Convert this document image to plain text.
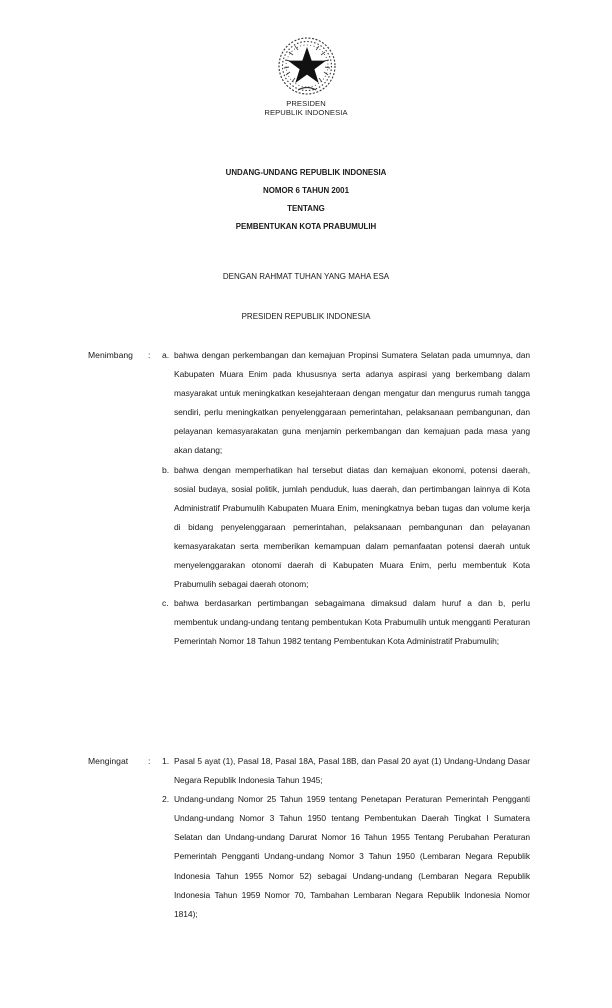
PRESIDEN
REPUBLIK INDONESIA
UNDANG-UNDANG REPUBLIK INDONESIA
NOMOR 6 TAHUN 2001
TENTANG
PEMBENTUKAN KOTA PRABUMULIH
DENGAN RAHMAT TUHAN YANG MAHA ESA
PRESIDEN REPUBLIK INDONESIA
Menimbang : a. bahwa dengan perkembangan dan kemajuan Propinsi Sumatera Selatan pada umumnya, dan Kabupaten Muara Enim pada khususnya serta adanya aspirasi yang berkembang dalam masyarakat untuk meningkatkan kesejahteraan dengan mengatur dan mengurus rumah tangga sendiri, perlu meningkatkan penyelenggaraan pemerintahan, pelaksanaan pembangunan, dan pelayanan kemasyarakatan guna menjamin perkembangan dan kemajuan pada masa yang akan datang;
b. bahwa dengan memperhatikan hal tersebut diatas dan kemajuan ekonomi, potensi daerah, sosial budaya, sosial politik, jumlah penduduk, luas daerah, dan pertimbangan lainnya di Kota Administratif Prabumulih Kabupaten Muara Enim, meningkatnya beban tugas dan volume kerja di bidang penyelenggaraan pemerintahan, pelaksanaan pembangunan dan pelayanan kemasyarakatan serta memberikan kemampuan dalam pemanfaatan potensi daerah untuk menyelenggarakan otonomi daerah di Kabupaten Muara Enim, perlu membentuk Kota Prabumulih sebagai daerah otonom;
c. bahwa berdasarkan pertimbangan sebagaimana dimaksud dalam huruf a dan b, perlu membentuk undang-undang tentang pembentukan Kota Prabumulih untuk mengganti Peraturan Pemerintah Nomor 18 Tahun 1982 tentang Pembentukan Kota Administratif Prabumulih;
Mengingat : 1. Pasal 5 ayat (1), Pasal 18, Pasal 18A, Pasal 18B, dan Pasal 20 ayat (1) Undang-Undang Dasar Negara Republik Indonesia Tahun 1945;
2. Undang-undang Nomor 25 Tahun 1959 tentang Penetapan Peraturan Pemerintah Pengganti Undang-undang Nomor 3 Tahun 1950 tentang Pembentukan Daerah Tingkat I Sumatera Selatan dan Undang-undang Darurat Nomor 16 Tahun 1955 Tentang Perubahan Peraturan Pemerintah Pengganti Undang-undang Nomor 3 Tahun 1950 (Lembaran Negara Republik Indonesia Tahun 1955 Nomor 52) sebagai Undang-undang (Lembaran Negara Republik Indonesia Tahun 1959 Nomor 70, Tambahan Lembaran Negara Republik Indonesia Nomor 1814);
